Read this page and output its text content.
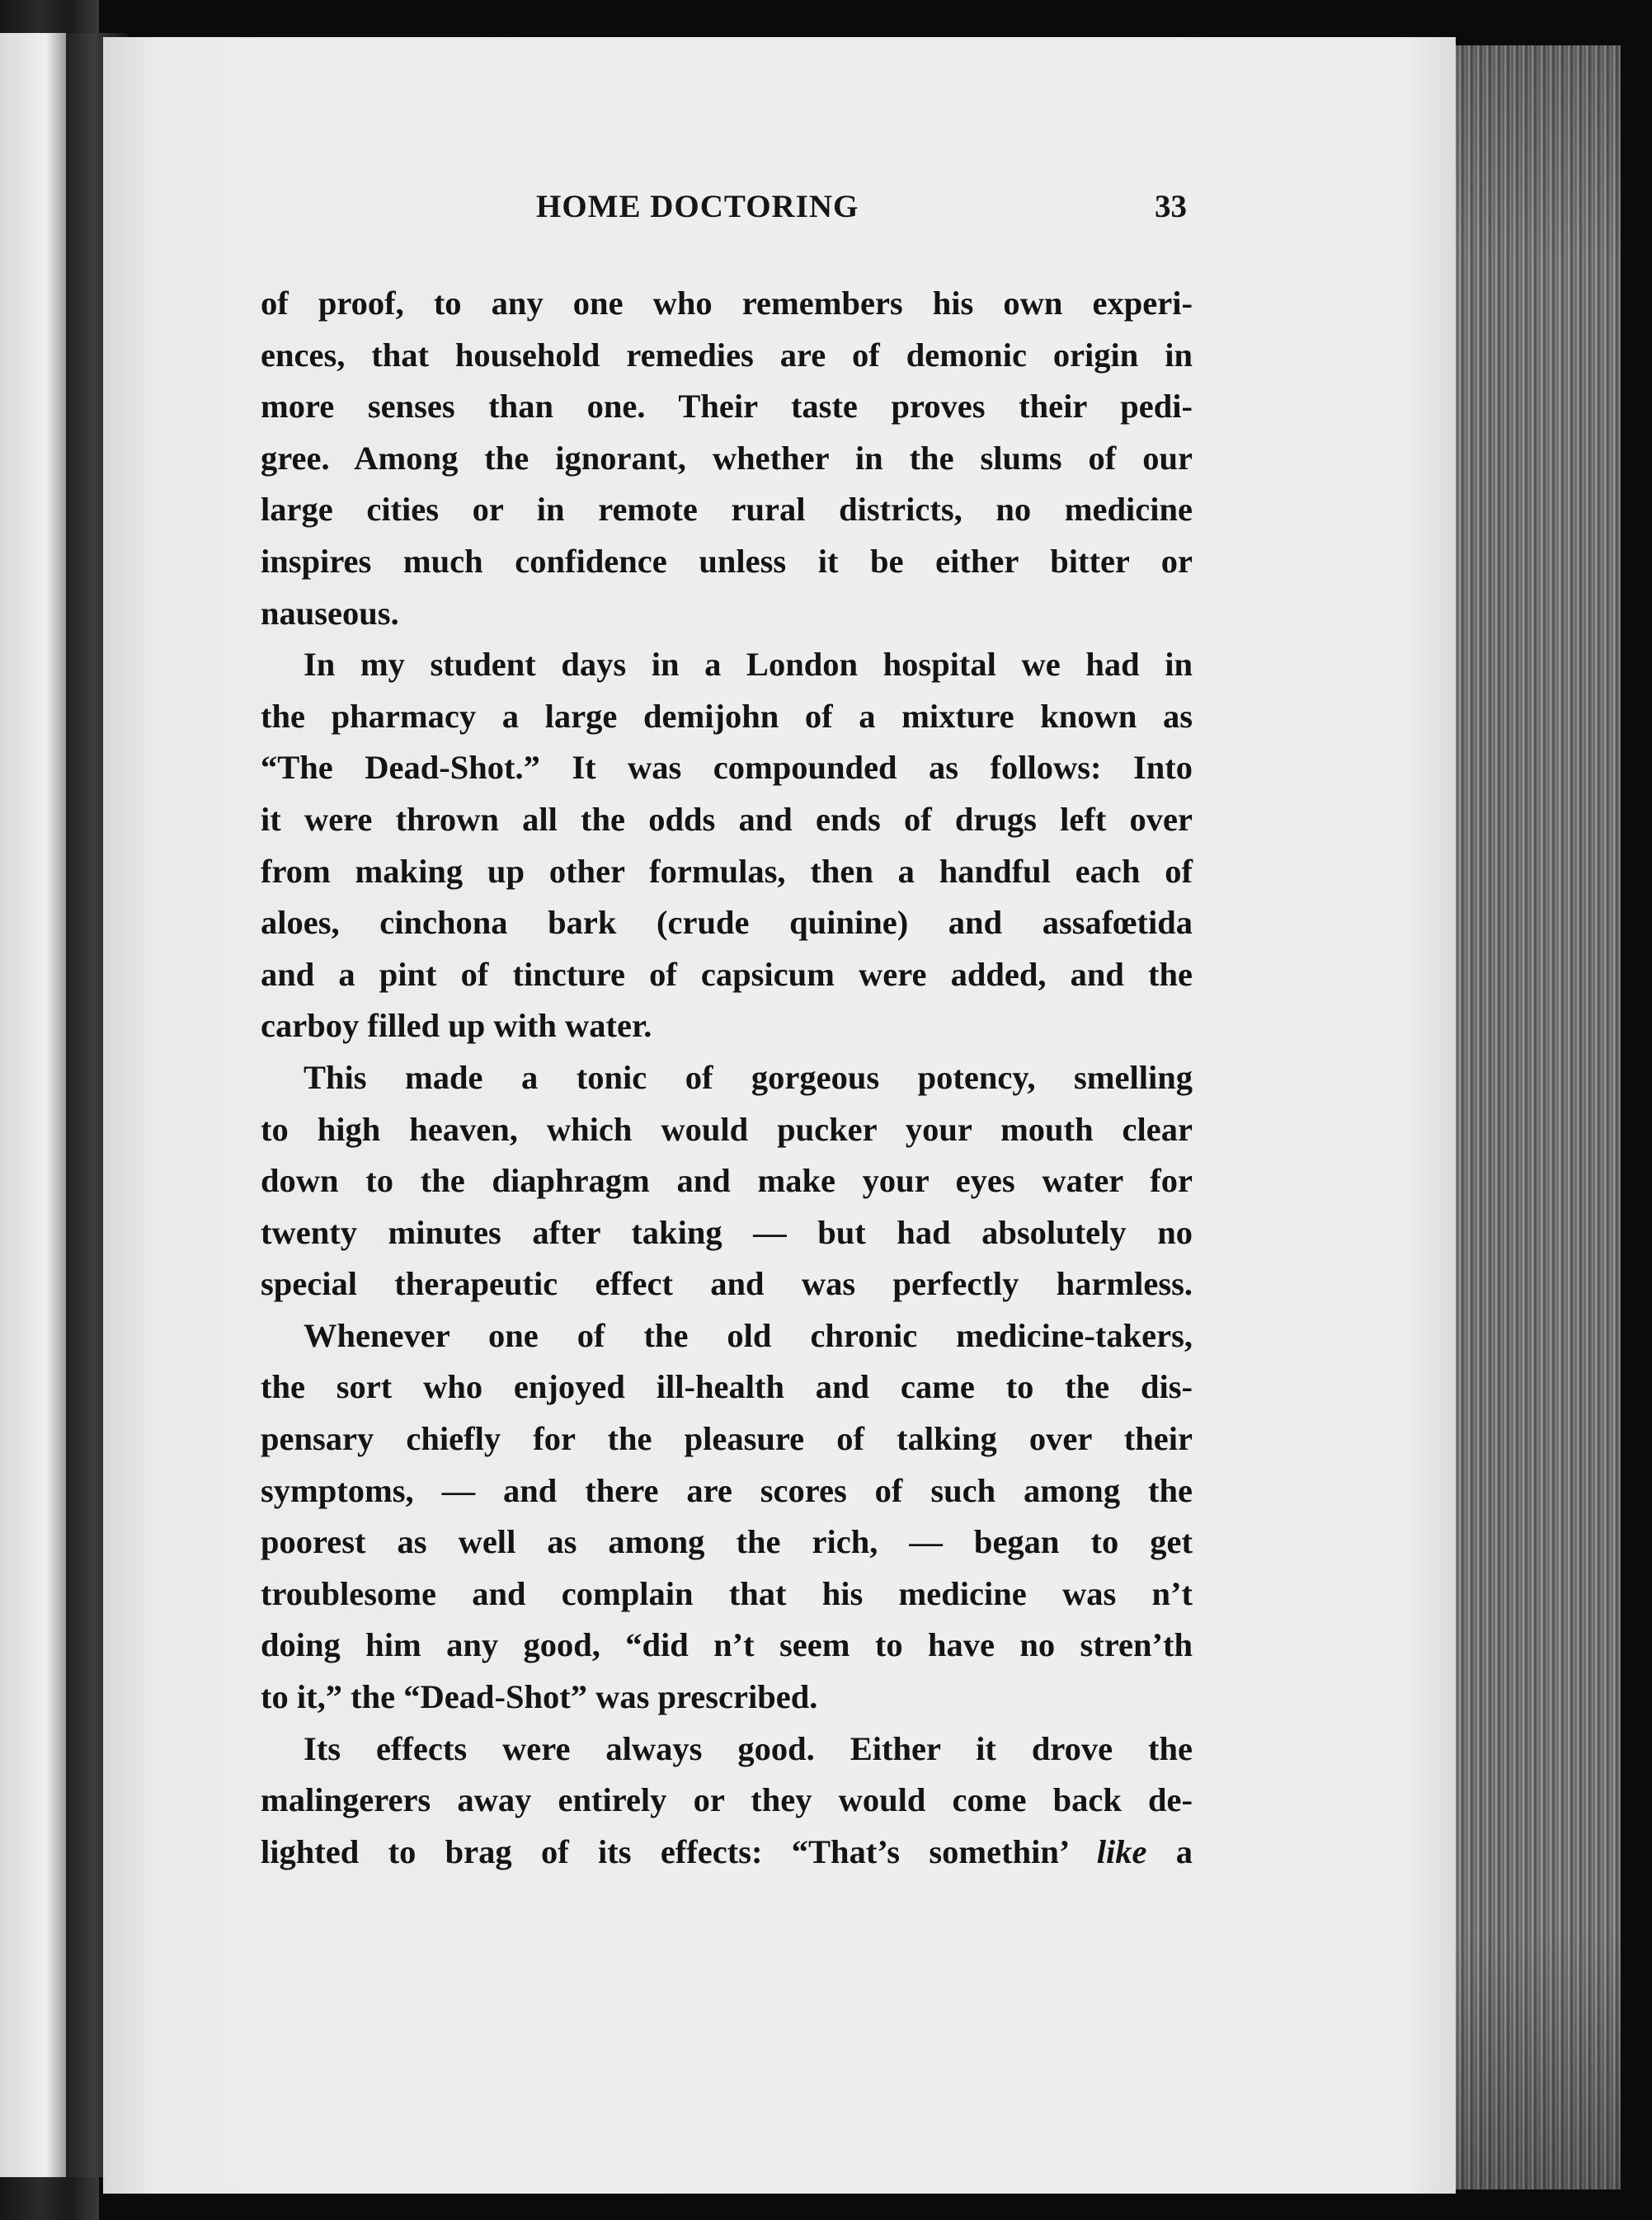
HOME DOCTORING	33
of proof, to any one who remembers his own experi-
ences, that household remedies are of demonic origin in
more senses than one. Their taste proves their pedi-
gree. Among the ignorant, whether in the slums of our
large cities or in remote rural districts, no medicine
inspires much confidence unless it be either bitter or
nauseous.
In my student days in a London hospital we had in
the pharmacy a large demijohn of a mixture known as
“The Dead-Shot.” It was compounded as follows: Into
it were thrown all the odds and ends of drugs left over
from making up other formulas, then a handful each of
aloes, cinchona bark (crude quinine) and assafœtida
and a pint of tincture of capsicum were added, and the
carboy filled up with water.
This made a tonic of gorgeous potency, smelling
to high heaven, which would pucker your mouth clear
down to the diaphragm and make your eyes water for
twenty minutes after taking — but had absolutely no
special therapeutic effect and was perfectly harmless.
Whenever one of the old chronic medicine-takers,
the sort who enjoyed ill-health and came to the dis-
pensary chiefly for the pleasure of talking over their
symptoms, — and there are scores of such among the
poorest as well as among the rich, — began to get
troublesome and complain that his medicine was n’t
doing him any good, “did n’t seem to have no stren’th
to it,” the “Dead-Shot” was prescribed.
Its effects were always good. Either it drove the
malingerers away entirely or they would come back de-
lighted to brag of its effects: “That’s somethin’ like a
